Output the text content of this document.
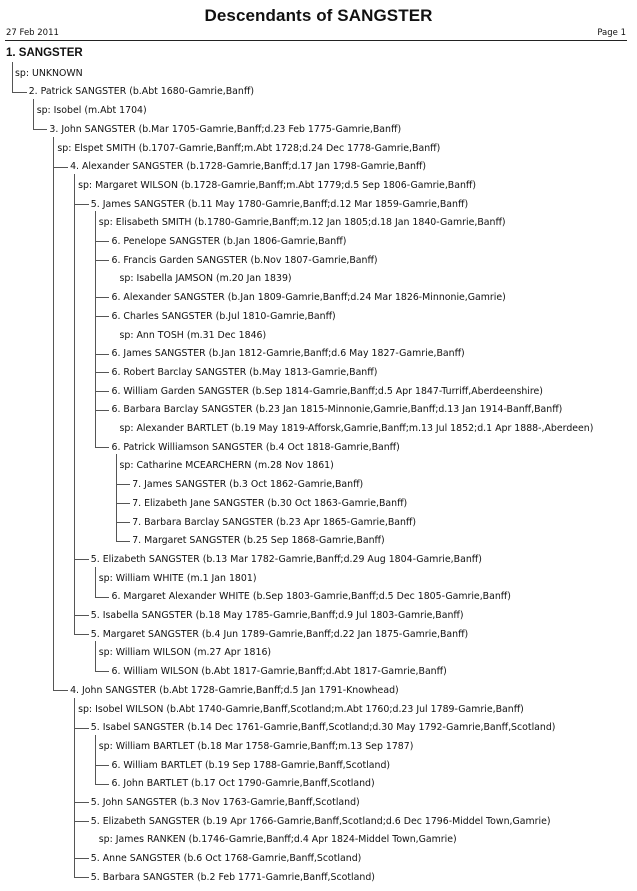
Descendants of SANGSTER
27 Feb 2011	Page 1
1. SANGSTER
sp: UNKNOWN
2. Patrick SANGSTER (b.Abt 1680-Gamrie,Banff)
sp: Isobel (m.Abt 1704)
3. John SANGSTER (b.Mar 1705-Gamrie,Banff;d.23 Feb 1775-Gamrie,Banff)
sp: Elspet SMITH (b.1707-Gamrie,Banff;m.Abt 1728;d.24 Dec 1778-Gamrie,Banff)
4. Alexander SANGSTER (b.1728-Gamrie,Banff;d.17 Jan 1798-Gamrie,Banff)
sp: Margaret WILSON (b.1728-Gamrie,Banff;m.Abt 1779;d.5 Sep 1806-Gamrie,Banff)
5. James SANGSTER (b.11 May 1780-Gamrie,Banff;d.12 Mar 1859-Gamrie,Banff)
sp: Elisabeth SMITH (b.1780-Gamrie,Banff;m.12 Jan 1805;d.18 Jan 1840-Gamrie,Banff)
6. Penelope SANGSTER (b.Jan 1806-Gamrie,Banff)
6. Francis Garden SANGSTER (b.Nov 1807-Gamrie,Banff)
sp: Isabella JAMSON (m.20 Jan 1839)
6. Alexander SANGSTER (b.Jan 1809-Gamrie,Banff;d.24 Mar 1826-Minnonie,Gamrie)
6. Charles SANGSTER (b.Jul 1810-Gamrie,Banff)
sp: Ann TOSH (m.31 Dec 1846)
6. James SANGSTER (b.Jan 1812-Gamrie,Banff;d.6 May 1827-Gamrie,Banff)
6. Robert Barclay SANGSTER (b.May 1813-Gamrie,Banff)
6. William Garden SANGSTER (b.Sep 1814-Gamrie,Banff;d.5 Apr 1847-Turriff,Aberdeenshire)
6. Barbara Barclay SANGSTER (b.23 Jan 1815-Minnonie,Gamrie,Banff;d.13 Jan 1914-Banff,Banff)
sp: Alexander BARTLET (b.19 May 1819-Afforsk,Gamrie,Banff;m.13 Jul 1852;d.1 Apr 1888-,Aberdeen)
6. Patrick Williamson SANGSTER (b.4 Oct 1818-Gamrie,Banff)
sp: Catharine MCEARCHERN (m.28 Nov 1861)
7. James SANGSTER (b.3 Oct 1862-Gamrie,Banff)
7. Elizabeth Jane SANGSTER (b.30 Oct 1863-Gamrie,Banff)
7. Barbara Barclay SANGSTER (b.23 Apr 1865-Gamrie,Banff)
7. Margaret SANGSTER (b.25 Sep 1868-Gamrie,Banff)
5. Elizabeth SANGSTER (b.13 Mar 1782-Gamrie,Banff;d.29 Aug 1804-Gamrie,Banff)
sp: William WHITE (m.1 Jan 1801)
6. Margaret Alexander WHITE (b.Sep 1803-Gamrie,Banff;d.5 Dec 1805-Gamrie,Banff)
5. Isabella SANGSTER (b.18 May 1785-Gamrie,Banff;d.9 Jul 1803-Gamrie,Banff)
5. Margaret SANGSTER (b.4 Jun 1789-Gamrie,Banff;d.22 Jan 1875-Gamrie,Banff)
sp: William WILSON (m.27 Apr 1816)
6. William WILSON (b.Abt 1817-Gamrie,Banff;d.Abt 1817-Gamrie,Banff)
4. John SANGSTER (b.Abt 1728-Gamrie,Banff;d.5 Jan 1791-Knowhead)
sp: Isobel WILSON (b.Abt 1740-Gamrie,Banff,Scotland;m.Abt 1760;d.23 Jul 1789-Gamrie,Banff)
5. Isabel SANGSTER (b.14 Dec 1761-Gamrie,Banff,Scotland;d.30 May 1792-Gamrie,Banff,Scotland)
sp: William BARTLET (b.18 Mar 1758-Gamrie,Banff;m.13 Sep 1787)
6. William BARTLET (b.19 Sep 1788-Gamrie,Banff,Scotland)
6. John BARTLET (b.17 Oct 1790-Gamrie,Banff,Scotland)
5. John SANGSTER (b.3 Nov 1763-Gamrie,Banff,Scotland)
5. Elizabeth SANGSTER (b.19 Apr 1766-Gamrie,Banff,Scotland;d.6 Dec 1796-Middel Town,Gamrie)
sp: James RANKEN (b.1746-Gamrie,Banff;d.4 Apr 1824-Middel Town,Gamrie)
5. Anne SANGSTER (b.6 Oct 1768-Gamrie,Banff,Scotland)
5. Barbara SANGSTER (b.2 Feb 1771-Gamrie,Banff,Scotland)
